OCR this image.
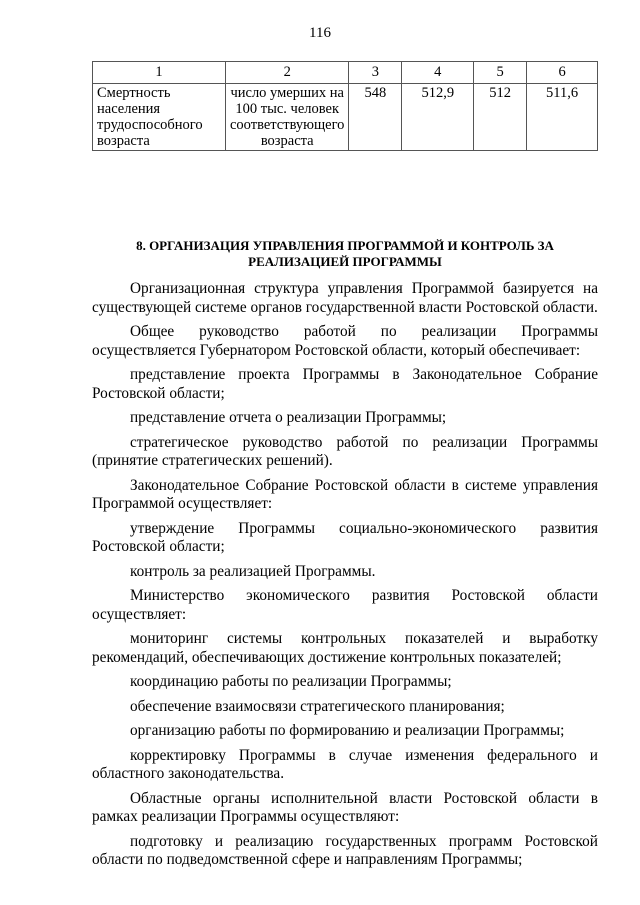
116
1	2	3	4	5	6
Смертность населения трудоспособного возраста	число умерших на 100 тыс. человек соответствующего возраста	548	512,9	512	511,6
8. ОРГАНИЗАЦИЯ УПРАВЛЕНИЯ ПРОГРАММОЙ И КОНТРОЛЬ ЗА РЕАЛИЗАЦИЕЙ ПРОГРАММЫ

Организационная структура управления Программой базируется на существующей системе органов государственной власти Ростовской области.

Общее руководство работой по реализации Программы осуществляется Губернатором Ростовской области, который обеспечивает:

представление проекта Программы в Законодательное Собрание Ростовской области;

представление отчета о реализации Программы;

стратегическое руководство работой по реализации Программы (принятие стратегических решений).

Законодательное Собрание Ростовской области в системе управления Программой осуществляет:

утверждение Программы социально-экономического развития Ростовской области;

контроль за реализацией Программы.

Министерство экономического развития Ростовской области осуществляет:

мониторинг системы контрольных показателей и выработку рекомендаций, обеспечивающих достижение контрольных показателей;

координацию работы по реализации Программы;

обеспечение взаимосвязи стратегического планирования;

организацию работы по формированию и реализации Программы;

корректировку Программы в случае изменения федерального и областного законодательства.

Областные органы исполнительной власти Ростовской области в рамках реализации Программы осуществляют:

подготовку и реализацию государственных программ Ростовской области по подведомственной сфере и направлениям Программы;
